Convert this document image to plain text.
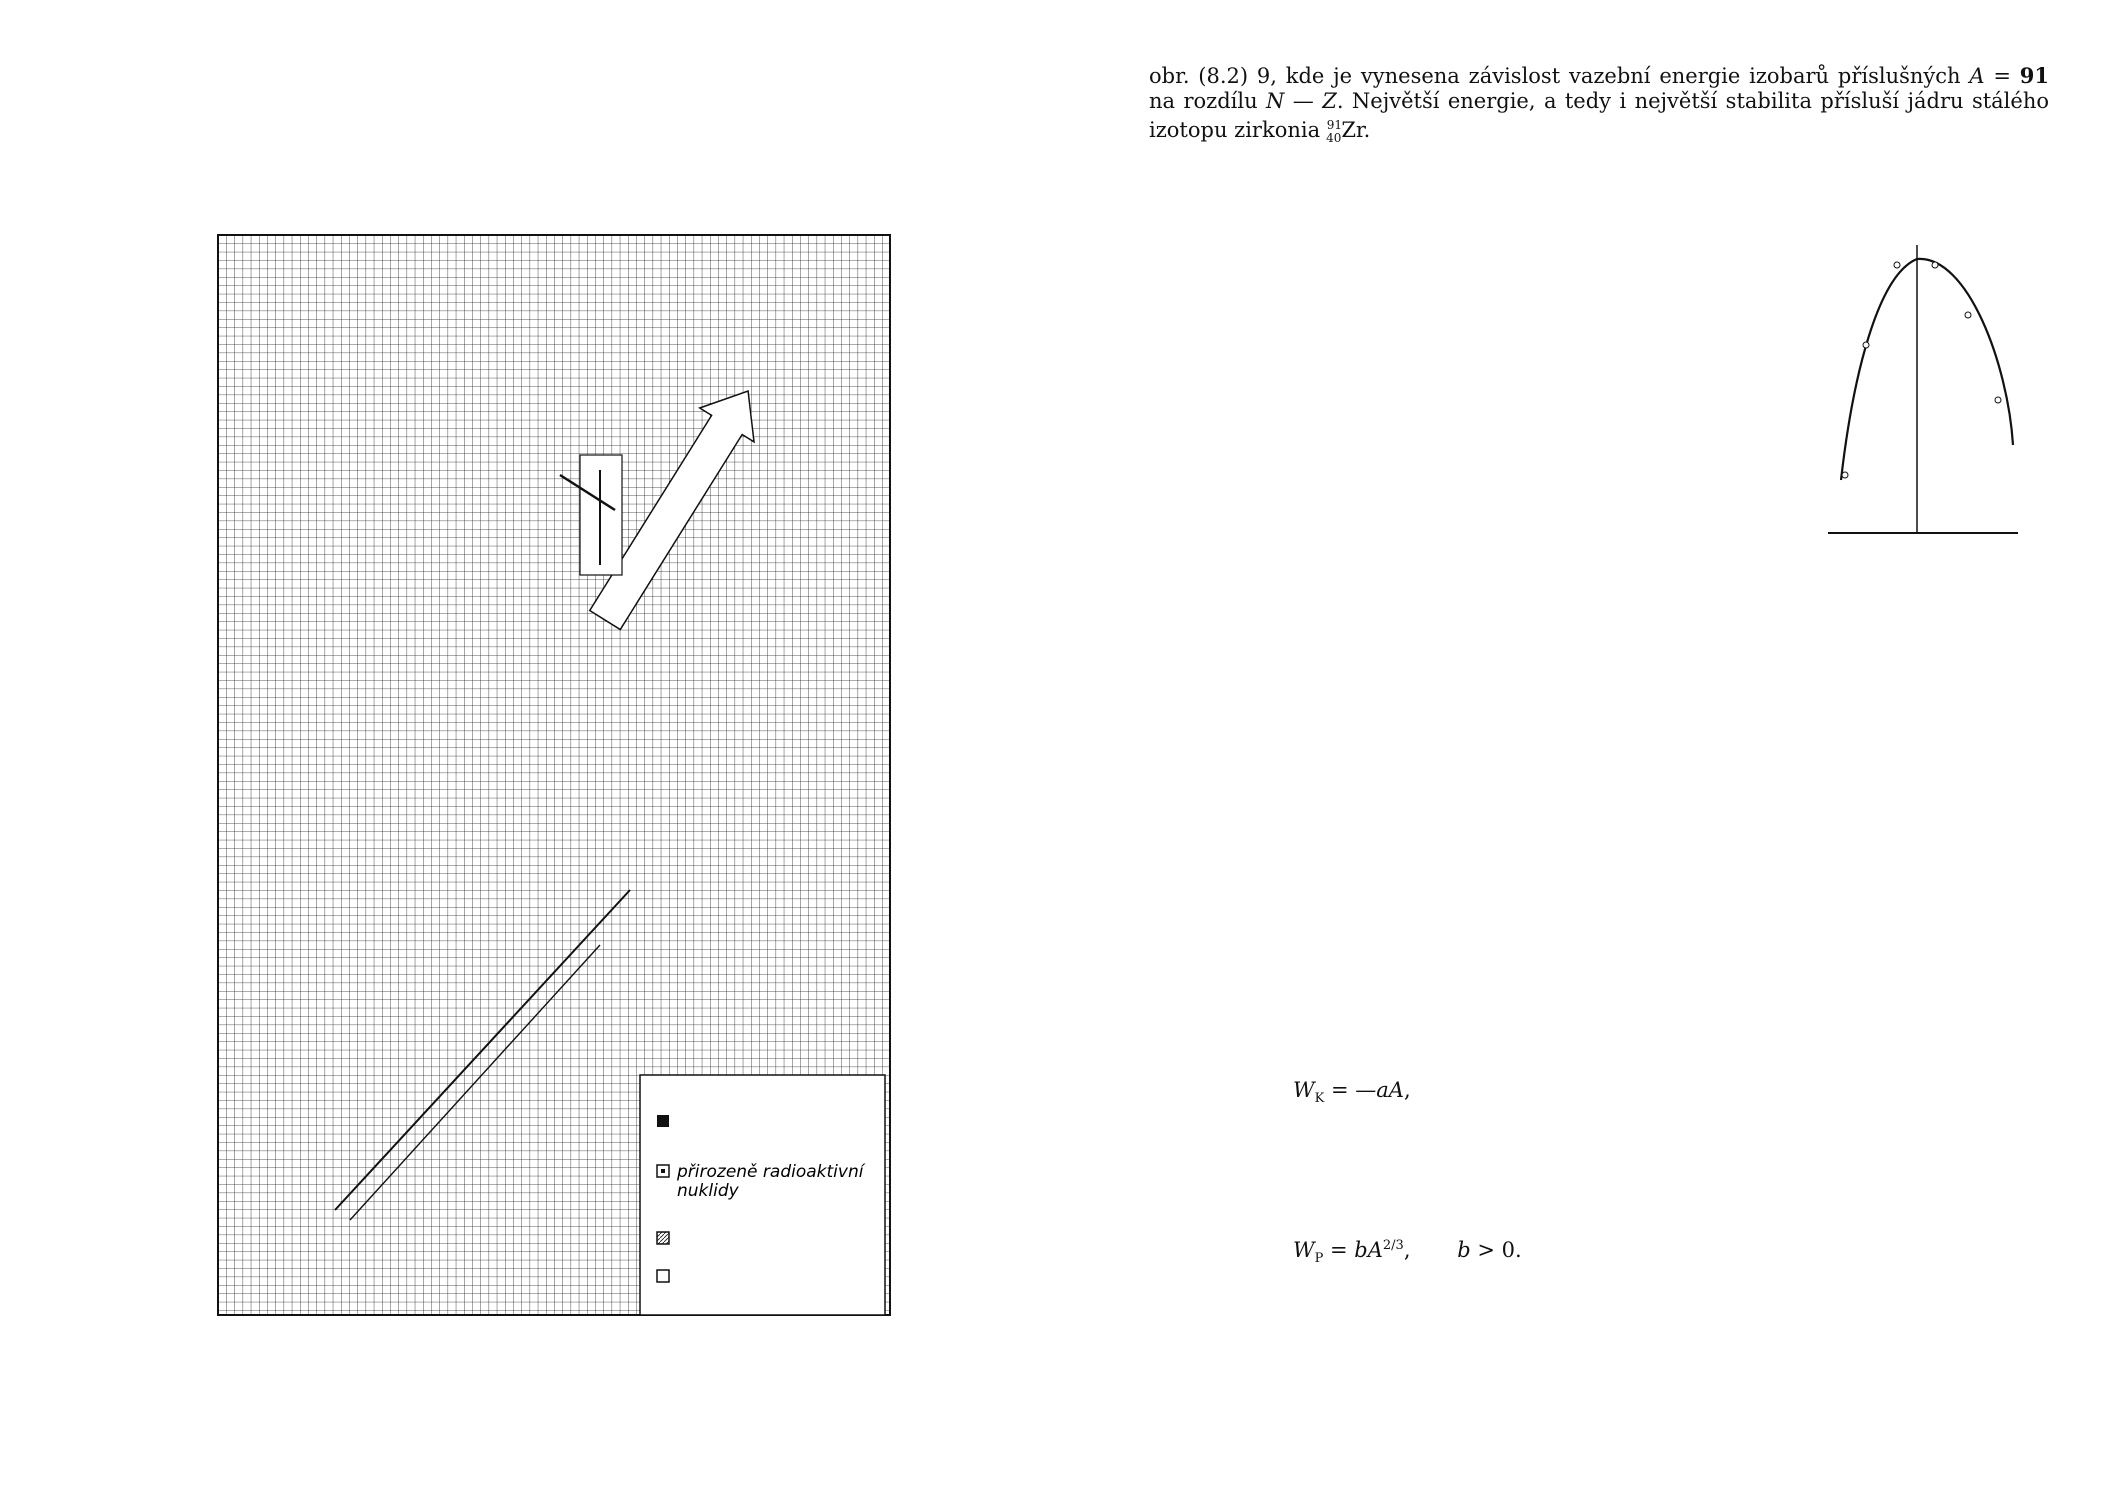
přirozeně radioaktivní
nuklidy

obr. (8.2) 9, kde je vynesena závislost vazební energie izobarů příslušných A = 91 na rozdílu N — Z. Největší energie, a tedy i největší stabilita přísluší jádru stálého izotopu zirkonia $^{91}_{40}$Zr.

$W_K$ = —aA,

$W_P = bA^{2/3}$,       b > 0.
